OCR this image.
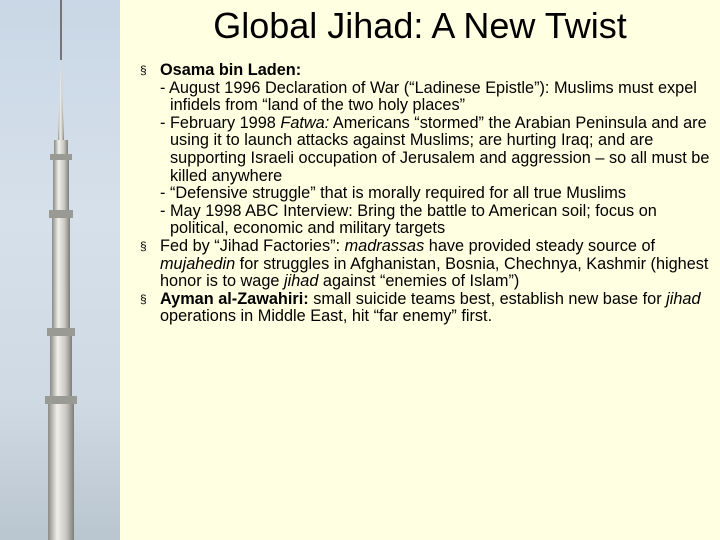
Global Jihad: A New Twist
§ Osama bin Laden:
- August 1996 Declaration of War (“Ladinese Epistle”): Muslims must expel infidels from “land of the two holy places”
- February 1998 Fatwa: Americans “stormed” the Arabian Peninsula and are using it to launch attacks against Muslims; are hurting Iraq; and are supporting Israeli occupation of Jerusalem and aggression – so all must be killed anywhere
- “Defensive struggle” that is morally required for all true Muslims
- May 1998 ABC Interview: Bring the battle to American soil; focus on political, economic and military targets
§ Fed by “Jihad Factories”: madrassas have provided steady source of mujahedin for struggles in Afghanistan, Bosnia, Chechnya, Kashmir (highest honor is to wage jihad against “enemies of Islam”)
§ Ayman al-Zawahiri: small suicide teams best, establish new base for jihad operations in Middle East, hit “far enemy” first.
